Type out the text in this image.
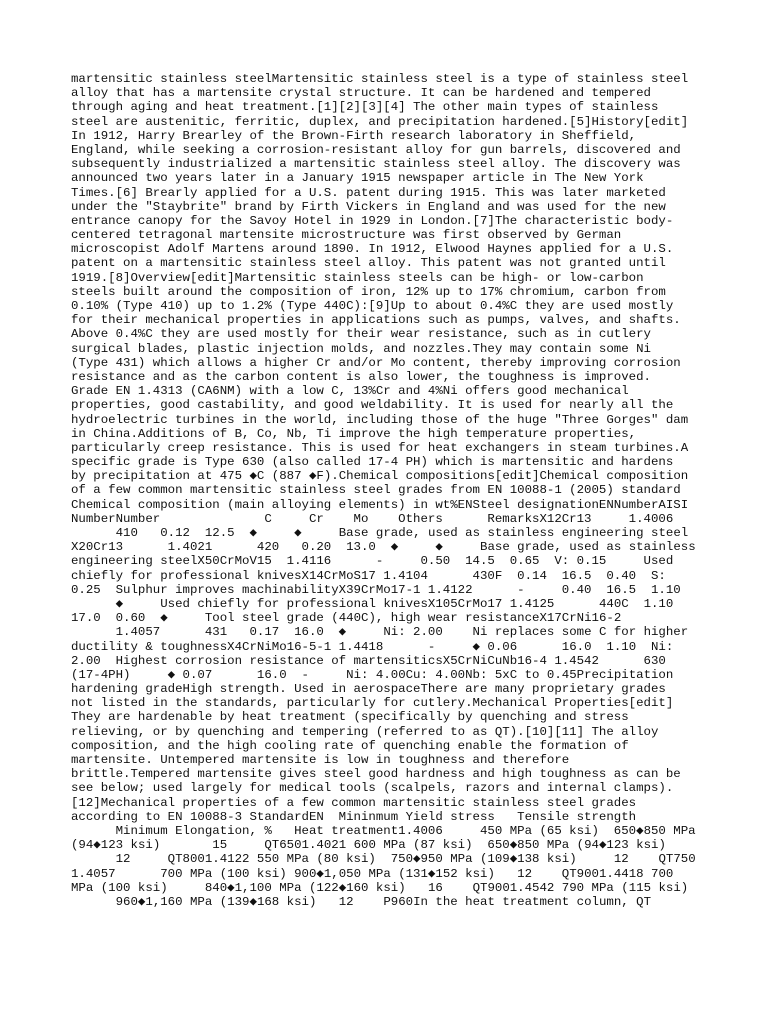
martensitic stainless steelMartensitic stainless steel is a type of stainless steel
alloy that has a martensite crystal structure. It can be hardened and tempered
through aging and heat treatment.[1][2][3][4] The other main types of stainless
steel are austenitic, ferritic, duplex, and precipitation hardened.[5]History[edit]
In 1912, Harry Brearley of the Brown-Firth research laboratory in Sheffield,
England, while seeking a corrosion-resistant alloy for gun barrels, discovered and
subsequently industrialized a martensitic stainless steel alloy. The discovery was
announced two years later in a January 1915 newspaper article in The New York
Times.[6] Brearly applied for a U.S. patent during 1915. This was later marketed
under the "Staybrite" brand by Firth Vickers in England and was used for the new
entrance canopy for the Savoy Hotel in 1929 in London.[7]The characteristic body-
centered tetragonal martensite microstructure was first observed by German
microscopist Adolf Martens around 1890. In 1912, Elwood Haynes applied for a U.S.
patent on a martensitic stainless steel alloy. This patent was not granted until
1919.[8]Overview[edit]Martensitic stainless steels can be high- or low-carbon
steels built around the composition of iron, 12% up to 17% chromium, carbon from
0.10% (Type 410) up to 1.2% (Type 440C):[9]Up to about 0.4%C they are used mostly
for their mechanical properties in applications such as pumps, valves, and shafts.
Above 0.4%C they are used mostly for their wear resistance, such as in cutlery
surgical blades, plastic injection molds, and nozzles.They may contain some Ni
(Type 431) which allows a higher Cr and/or Mo content, thereby improving corrosion
resistance and as the carbon content is also lower, the toughness is improved.
Grade EN 1.4313 (CA6NM) with a low C, 13%Cr and 4%Ni offers good mechanical
properties, good castability, and good weldability. It is used for nearly all the
hydroelectric turbines in the world, including those of the huge "Three Gorges" dam
in China.Additions of B, Co, Nb, Ti improve the high temperature properties,
particularly creep resistance. This is used for heat exchangers in steam turbines.A
specific grade is Type 630 (also called 17-4 PH) which is martensitic and hardens
by precipitation at 475 ◆C (887 ◆F).Chemical compositions[edit]Chemical composition
of a few common martensitic stainless steel grades from EN 10088-1 (2005) standard
Chemical composition (main alloying elements) in wt%ENSteel designationENNumberAISI
NumberNumber              C     Cr    Mo    Others      RemarksX12Cr13     1.4006
410   0.12  12.5  ◆     ◆     Base grade, used as stainless engineering steel
X20Cr13      1.4021      420   0.20  13.0  ◆     ◆     Base grade, used as stainless
engineering steelX50CrMoV15  1.4116      -     0.50  14.5  0.65  V: 0.15     Used
chiefly for professional knivesX14CrMoS17 1.4104      430F  0.14  16.5  0.40  S:
0.25  Sulphur improves machinabilityX39CrMo17-1 1.4122      -     0.40  16.5  1.10
◆     Used chiefly for professional knivesX105CrMo17 1.4125      440C  1.10
17.0  0.60  ◆     Tool steel grade (440C), high wear resistanceX17CrNi16-2
1.4057      431   0.17  16.0  ◆     Ni: 2.00    Ni replaces some C for higher
ductility & toughnessX4CrNiMo16-5-1 1.4418      -     ◆ 0.06      16.0  1.10  Ni:
2.00  Highest corrosion resistance of martensiticsX5CrNiCuNb16-4 1.4542      630
(17-4PH)     ◆ 0.07      16.0  -     Ni: 4.00Cu: 4.00Nb: 5xC to 0.45Precipitation
hardening gradeHigh strength. Used in aerospaceThere are many proprietary grades
not listed in the standards, particularly for cutlery.Mechanical Properties[edit]
They are hardenable by heat treatment (specifically by quenching and stress
relieving, or by quenching and tempering (referred to as QT).[10][11] The alloy
composition, and the high cooling rate of quenching enable the formation of
martensite. Untempered martensite is low in toughness and therefore
brittle.Tempered martensite gives steel good hardness and high toughness as can be
see below; used largely for medical tools (scalpels, razors and internal clamps).
[12]Mechanical properties of a few common martensitic stainless steel grades
according to EN 10088-3 StandardEN  Mininmum Yield stress   Tensile strength
Minimum Elongation, %   Heat treatment1.4006     450 MPa (65 ksi)  650◆850 MPa
(94◆123 ksi)       15     QT6501.4021 600 MPa (87 ksi)  650◆850 MPa (94◆123 ksi)
12     QT8001.4122 550 MPa (80 ksi)  750◆950 MPa (109◆138 ksi)     12    QT750
1.4057      700 MPa (100 ksi) 900◆1,050 MPa (131◆152 ksi)   12    QT9001.4418 700
MPa (100 ksi)     840◆1,100 MPa (122◆160 ksi)   16    QT9001.4542 790 MPa (115 ksi)
960◆1,160 MPa (139◆168 ksi)   12    P960In the heat treatment column, QT
